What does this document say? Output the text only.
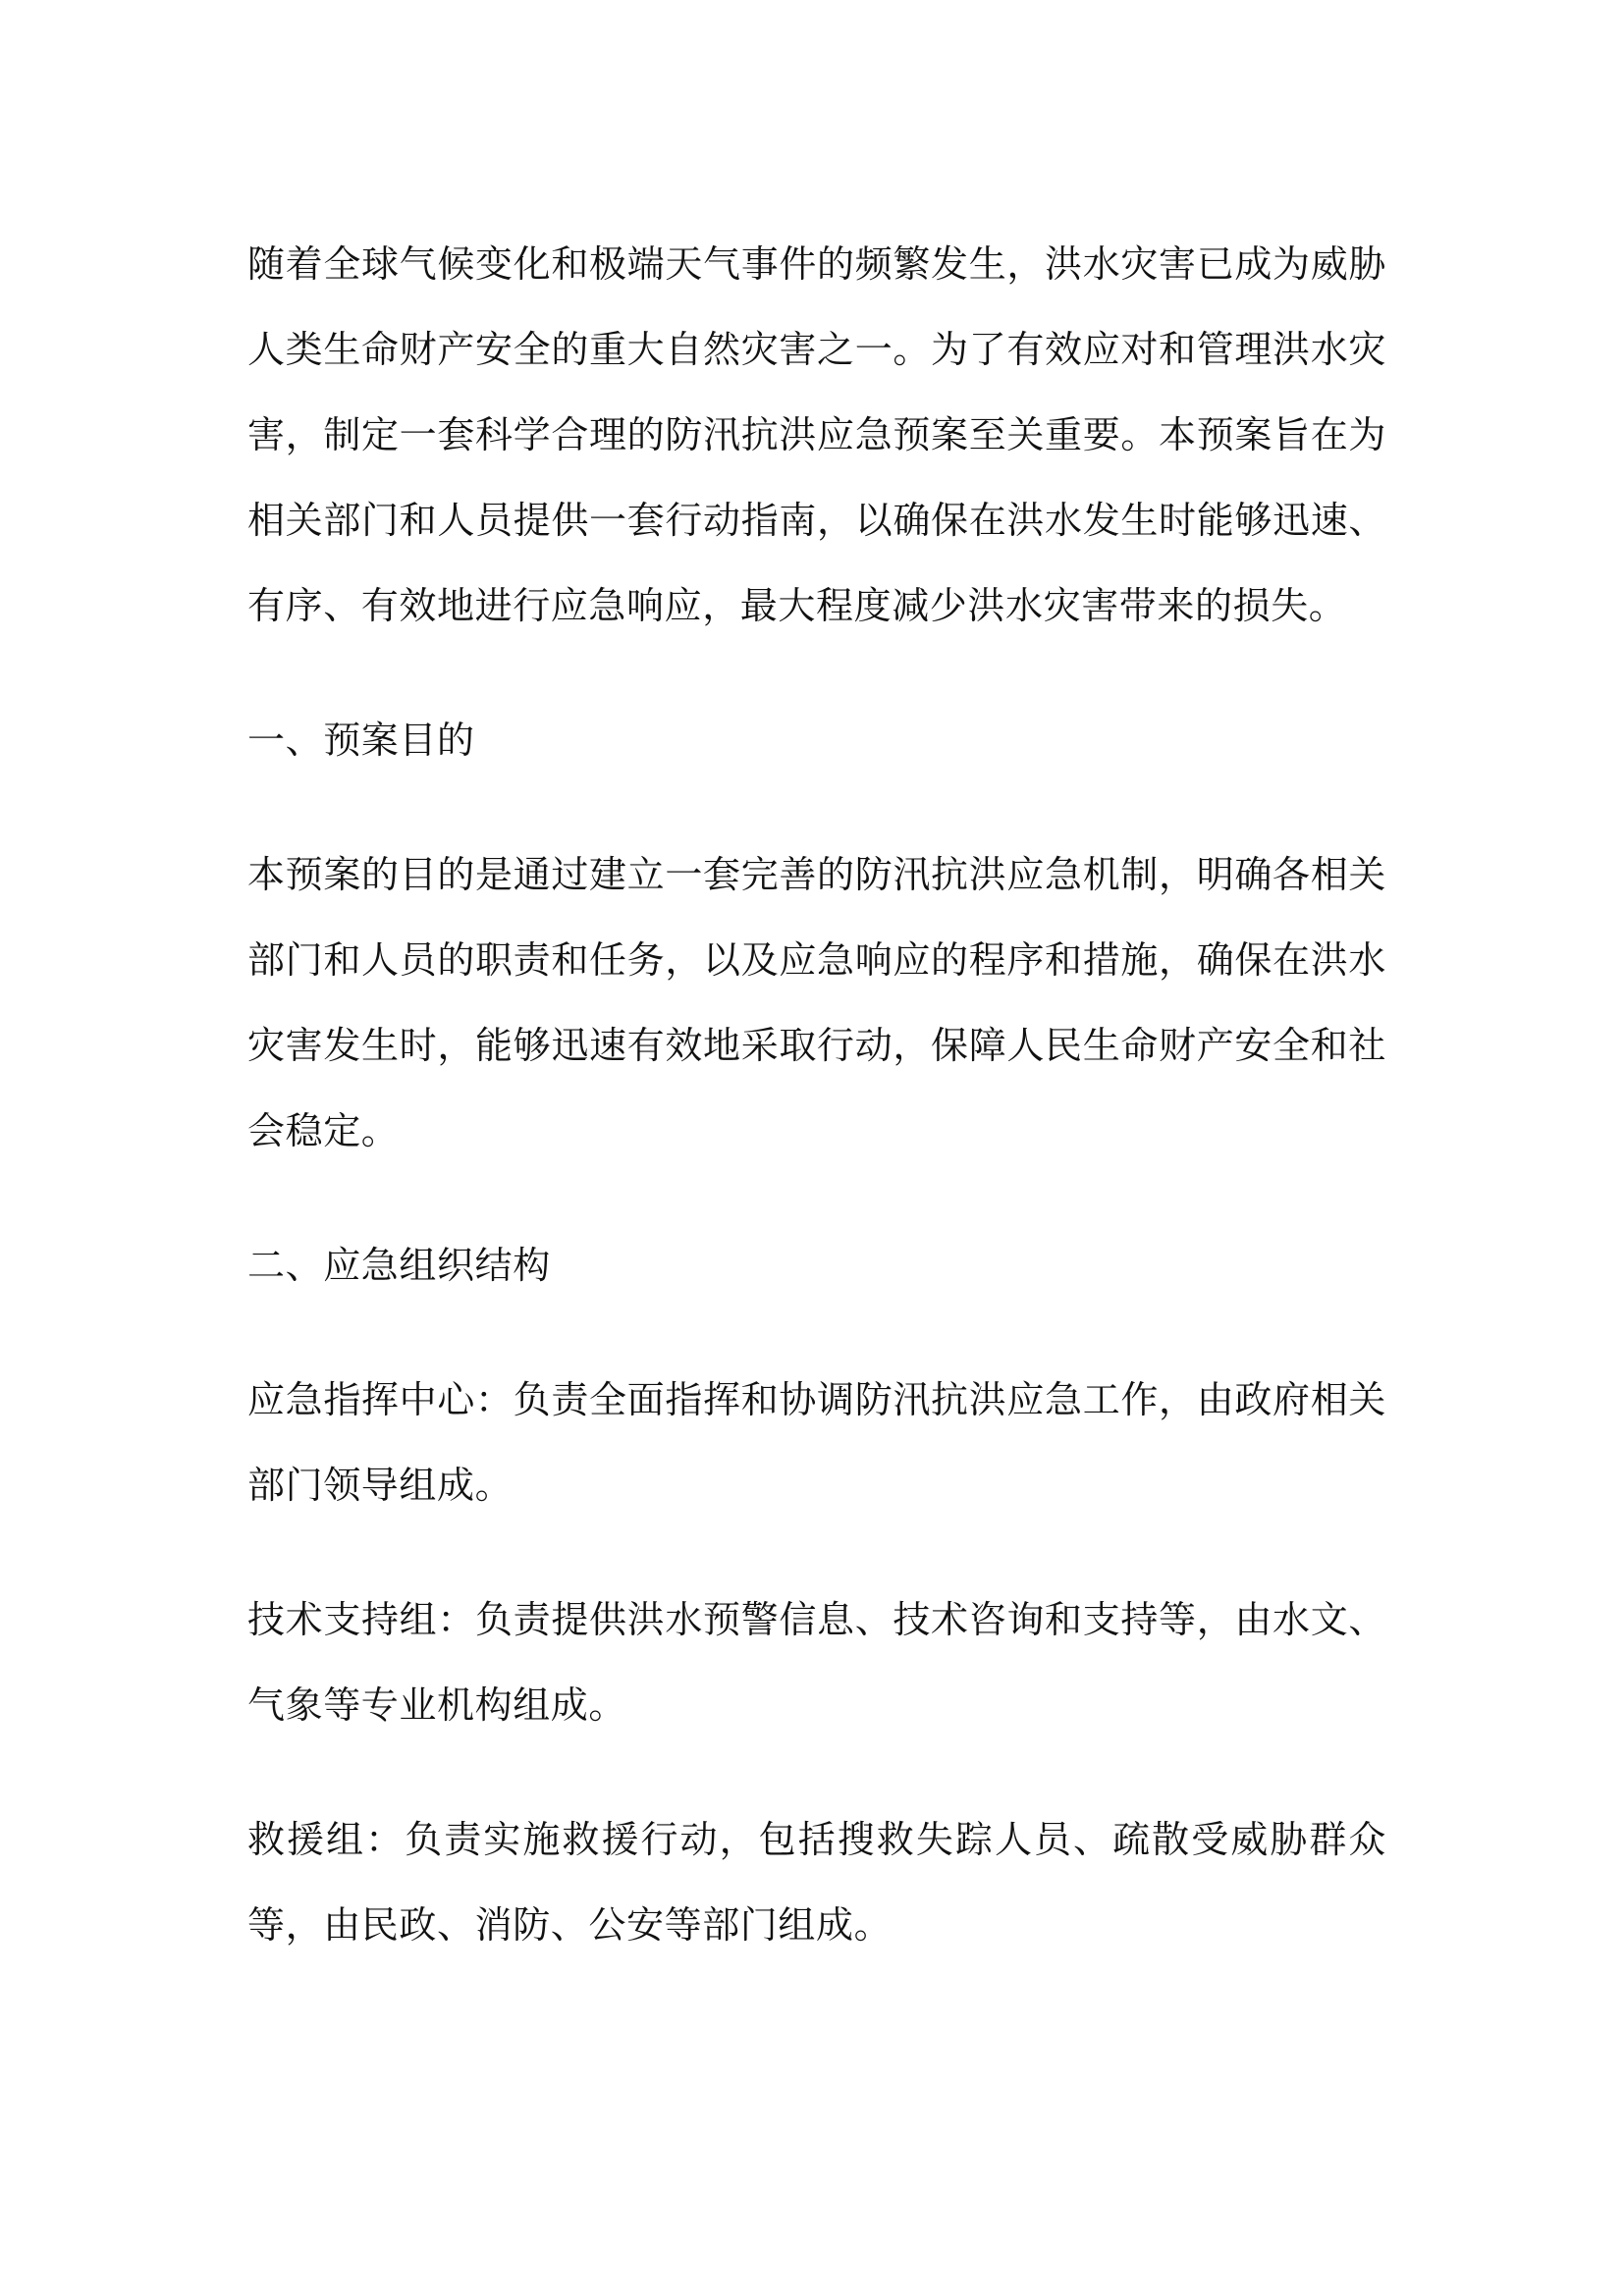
随着全球气候变化和极端天气事件的频繁发生，洪水灾害已成为威胁人类生命财产安全的重大自然灾害之一。为了有效应对和管理洪水灾害，制定一套科学合理的防汛抗洪应急预案至关重要。本预案旨在为相关部门和人员提供一套行动指南，以确保在洪水发生时能够迅速、有序、有效地进行应急响应，最大程度减少洪水灾害带来的损失。

一、预案目的

本预案的目的是通过建立一套完善的防汛抗洪应急机制，明确各相关部门和人员的职责和任务，以及应急响应的程序和措施，确保在洪水灾害发生时，能够迅速有效地采取行动，保障人民生命财产安全和社会稳定。

二、应急组织结构

应急指挥中心：负责全面指挥和协调防汛抗洪应急工作，由政府相关部门领导组成。

技术支持组：负责提供洪水预警信息、技术咨询和支持等，由水文、气象等专业机构组成。

救援组：负责实施救援行动，包括搜救失踪人员、疏散受威胁群众等，由民政、消防、公安等部门组成。
